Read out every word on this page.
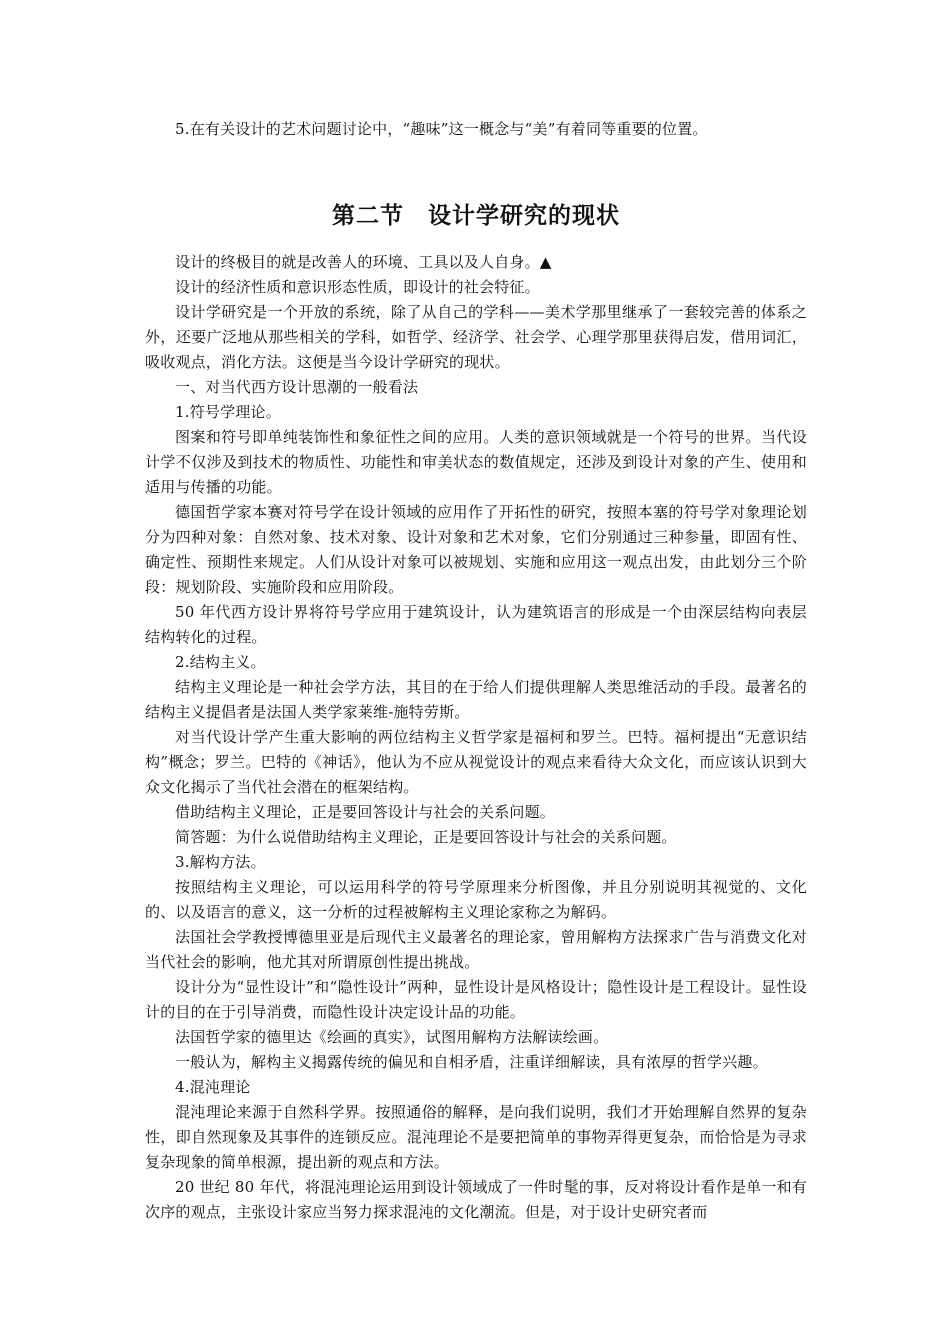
5.在有关设计的艺术问题讨论中，“趣味”这一概念与“美”有着同等重要的位置。

第二节　设计学研究的现状

设计的终极目的就是改善人的环境、工具以及人自身。▲

设计的经济性质和意识形态性质，即设计的社会特征。

设计学研究是一个开放的系统，除了从自己的学科——美术学那里继承了一套较完善的体系之外，还要广泛地从那些相关的学科，如哲学、经济学、社会学、心理学那里获得启发，借用词汇，吸收观点，消化方法。这便是当今设计学研究的现状。

一、对当代西方设计思潮的一般看法

1.符号学理论。

图案和符号即单纯装饰性和象征性之间的应用。人类的意识领域就是一个符号的世界。当代设计学不仅涉及到技术的物质性、功能性和审美状态的数值规定，还涉及到设计对象的产生、使用和适用与传播的功能。

德国哲学家本赛对符号学在设计领域的应用作了开拓性的研究，按照本塞的符号学对象理论划分为四种对象：自然对象、技术对象、设计对象和艺术对象，它们分别通过三种参量，即固有性、确定性、预期性来规定。人们从设计对象可以被规划、实施和应用这一观点出发，由此划分三个阶段：规划阶段、实施阶段和应用阶段。

50 年代西方设计界将符号学应用于建筑设计，认为建筑语言的形成是一个由深层结构向表层结构转化的过程。

2.结构主义。

结构主义理论是一种社会学方法，其目的在于给人们提供理解人类思维活动的手段。最著名的结构主义提倡者是法国人类学家莱维-施特劳斯。

对当代设计学产生重大影响的两位结构主义哲学家是福柯和罗兰。巴特。福柯提出“无意识结构”概念；罗兰。巴特的《神话》，他认为不应从视觉设计的观点来看待大众文化，而应该认识到大众文化揭示了当代社会潜在的框架结构。

借助结构主义理论，正是要回答设计与社会的关系问题。

简答题：为什么说借助结构主义理论，正是要回答设计与社会的关系问题。

3.解构方法。

按照结构主义理论，可以运用科学的符号学原理来分析图像，并且分别说明其视觉的、文化的、以及语言的意义，这一分析的过程被解构主义理论家称之为解码。

法国社会学教授博德里亚是后现代主义最著名的理论家，曾用解构方法探求广告与消费文化对当代社会的影响，他尤其对所谓原创性提出挑战。

设计分为“显性设计”和“隐性设计”两种，显性设计是风格设计；隐性设计是工程设计。显性设计的目的在于引导消费，而隐性设计决定设计品的功能。

法国哲学家的德里达《绘画的真实》，试图用解构方法解读绘画。

一般认为，解构主义揭露传统的偏见和自相矛盾，注重详细解读，具有浓厚的哲学兴趣。

4.混沌理论

混沌理论来源于自然科学界。按照通俗的解释，是向我们说明，我们才开始理解自然界的复杂性，即自然现象及其事件的连锁反应。混沌理论不是要把简单的事物弄得更复杂，而恰恰是为寻求复杂现象的简单根源，提出新的观点和方法。

20 世纪 80 年代，将混沌理论运用到设计领域成了一件时髦的事，反对将设计看作是单一和有次序的观点，主张设计家应当努力探求混沌的文化潮流。但是，对于设计史研究者而
